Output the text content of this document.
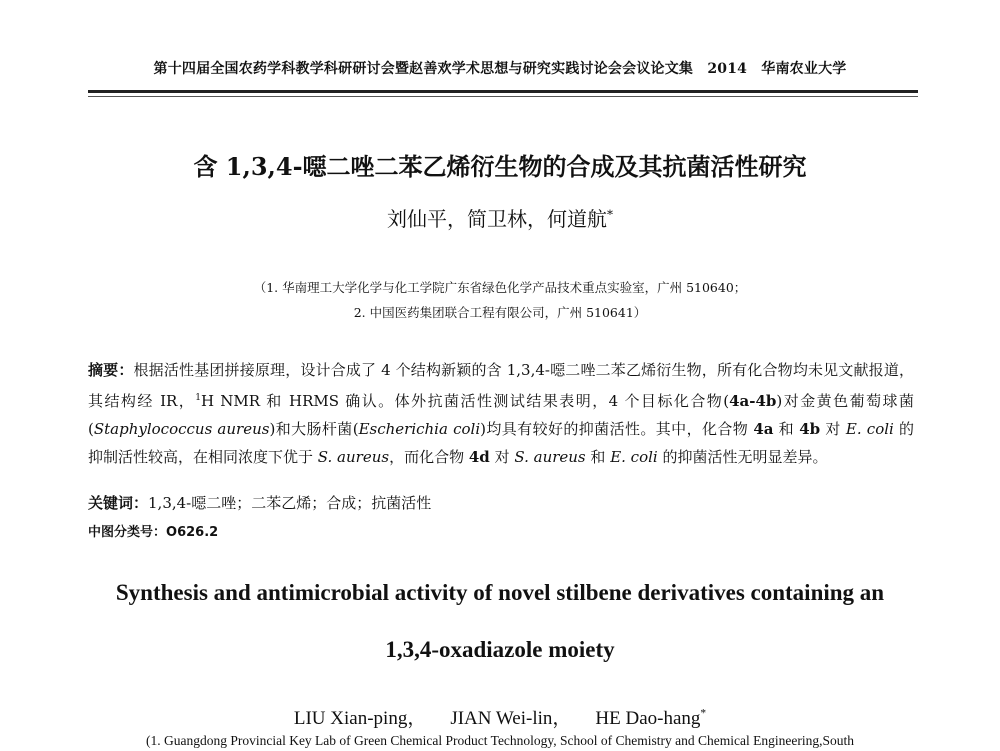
第十四届全国农药学科教学科研研讨会暨赵善欢学术思想与研究实践讨论会会议论文集　2014　华南农业大学
含 1,3,4-噁二唑二苯乙烯衍生物的合成及其抗菌活性研究
刘仙平，简卫林，何道航*
（1. 华南理工大学化学与化工学院广东省绿色化学产品技术重点实验室，广州 510640；
2. 中国医药集团联合工程有限公司，广州 510641）
摘要：根据活性基团拼接原理，设计合成了 4 个结构新颖的含 1,3,4-噁二唑二苯乙烯衍生物，所有化合物均未见文献报道，其结构经 IR，$^1$H NMR 和 HRMS 确认。体外抗菌活性测试结果表明，4 个目标化合物(4a-4b)对金黄色葡萄球菌(Staphylococcus aureus)和大肠杆菌(Escherichia coli)均具有较好的抑菌活性。其中，化合物 4a 和 4b 对 E. coli 的抑制活性较高，在相同浓度下优于 S. aureus，而化合物 4d 对 S. aureus 和 E. coli 的抑菌活性无明显差异。
关键词：1,3,4-噁二唑；二苯乙烯；合成；抗菌活性
中图分类号：O626.2
Synthesis and antimicrobial activity of novel stilbene derivatives containing an
1,3,4-oxadiazole moiety
LIU Xian-ping， JIAN Wei-lin， HE Dao-hang*
(1. Guangdong Provincial Key Lab of Green Chemical Product Technology, School of Chemistry and Chemical Engineering,South
